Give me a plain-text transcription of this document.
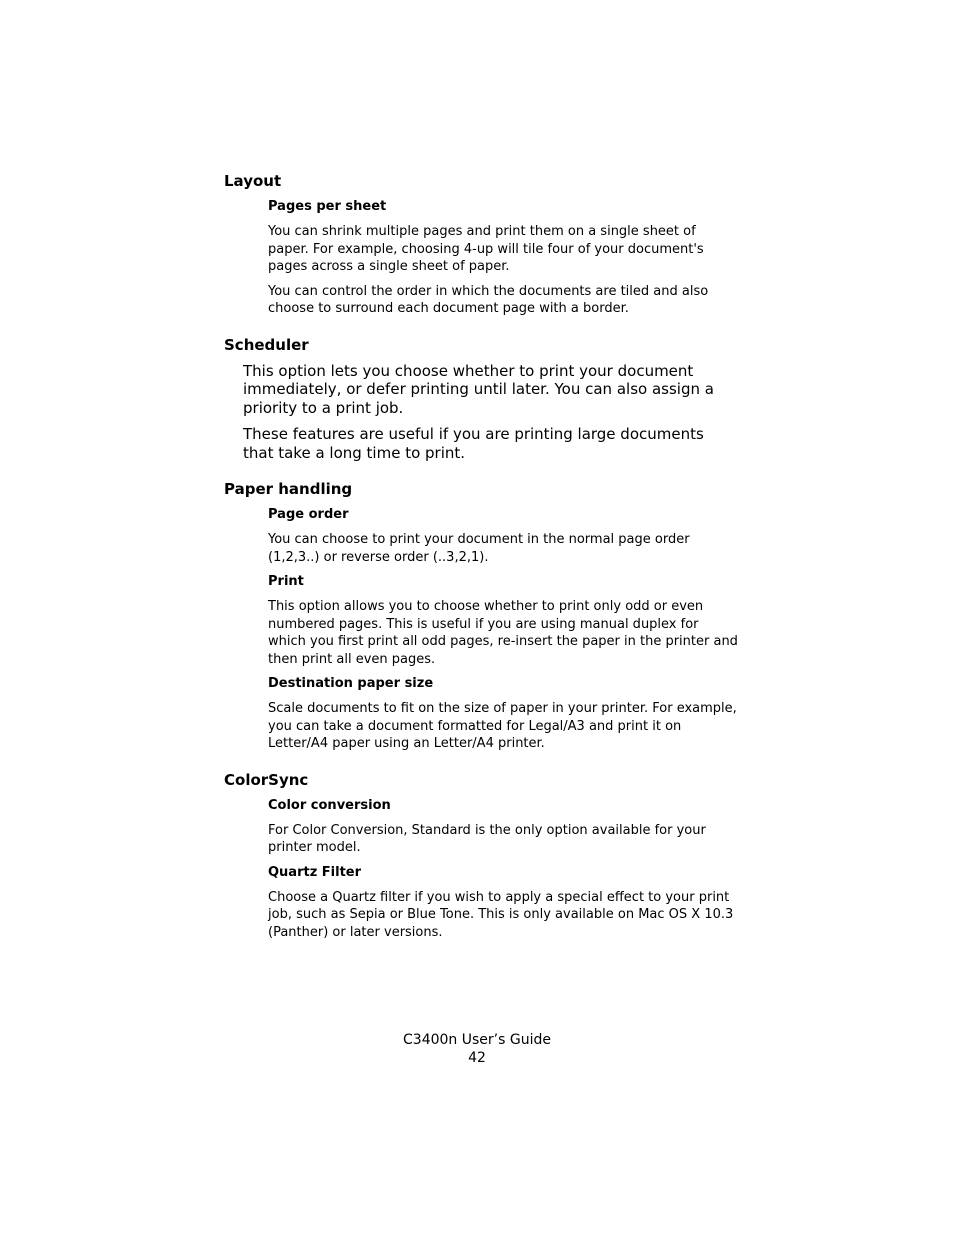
Layout
Pages per sheet

You can shrink multiple pages and print them on a single sheet of paper. For example, choosing 4-up will tile four of your document's pages across a single sheet of paper.

You can control the order in which the documents are tiled and also choose to surround each document page with a border.

Scheduler

This option lets you choose whether to print your document immediately, or defer printing until later. You can also assign a priority to a print job.

These features are useful if you are printing large documents that take a long time to print.

Paper handling
Page order

You can choose to print your document in the normal page order (1,2,3..) or reverse order (..3,2,1).

Print

This option allows you to choose whether to print only odd or even numbered pages. This is useful if you are using manual duplex for which you first print all odd pages, re-insert the paper in the printer and then print all even pages.

Destination paper size

Scale documents to fit on the size of paper in your printer. For example, you can take a document formatted for Legal/A3 and print it on Letter/A4 paper using an Letter/A4 printer.

ColorSync
Color conversion

For Color Conversion, Standard is the only option available for your printer model.

Quartz Filter

Choose a Quartz filter if you wish to apply a special effect to your print job, such as Sepia or Blue Tone. This is only available on Mac OS X 10.3 (Panther) or later versions.

C3400n User’s Guide
42
